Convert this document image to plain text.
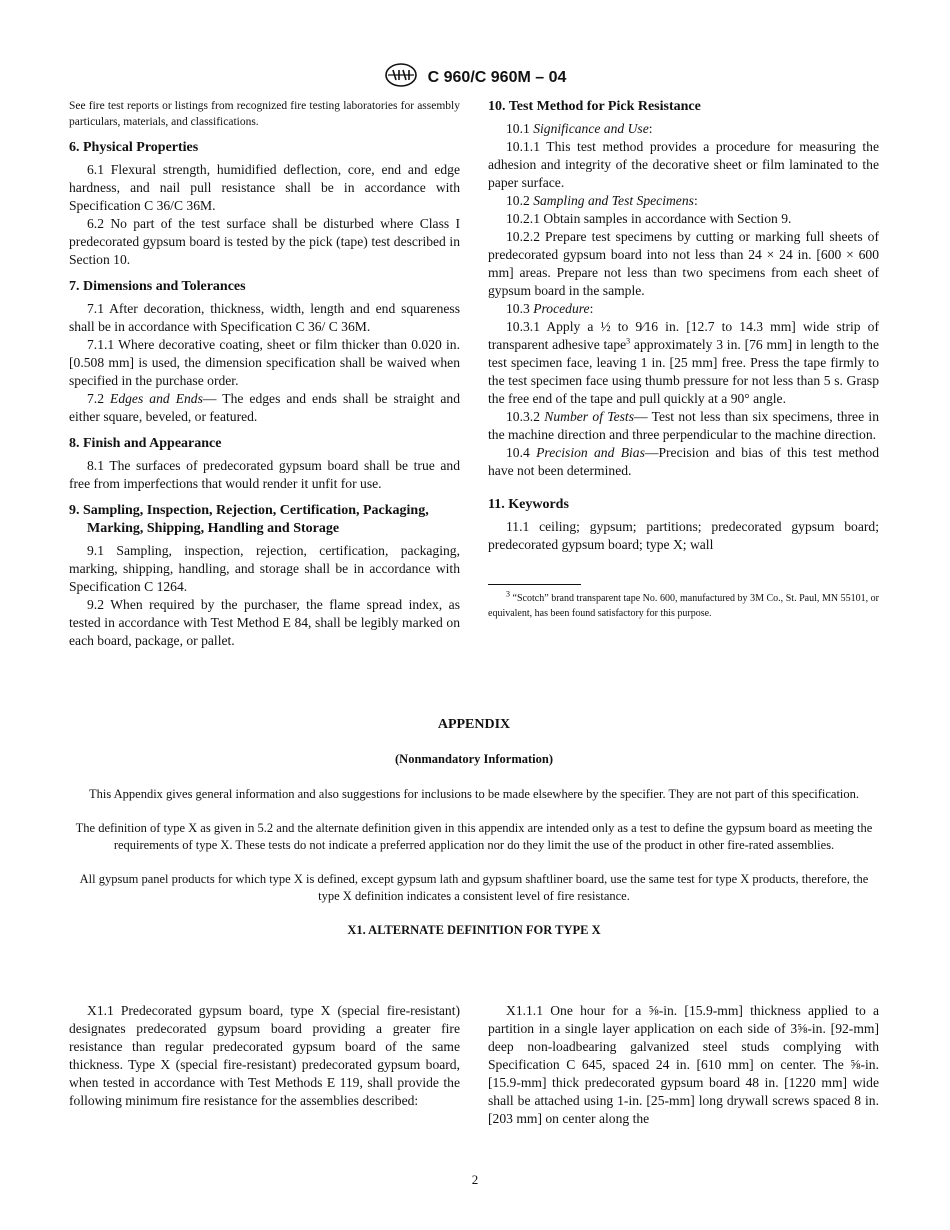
C 960/C 960M – 04

See fire test reports or listings from recognized fire testing laboratories for assembly particulars, materials, and classifications.

6. Physical Properties

6.1 Flexural strength, humidified deflection, core, end and edge hardness, and nail pull resistance shall be in accordance with Specification C 36/C 36M.

6.2 No part of the test surface shall be disturbed where Class I predecorated gypsum board is tested by the pick (tape) test described in Section 10.

7. Dimensions and Tolerances

7.1 After decoration, thickness, width, length and end squareness shall be in accordance with Specification C 36/ C 36M.

7.1.1 Where decorative coating, sheet or film thicker than 0.020 in. [0.508 mm] is used, the dimension specification shall be waived when specified in the purchase order.

7.2 Edges and Ends— The edges and ends shall be straight and either square, beveled, or featured.

8. Finish and Appearance

8.1 The surfaces of predecorated gypsum board shall be true and free from imperfections that would render it unfit for use.

9. Sampling, Inspection, Rejection, Certification, Packaging, Marking, Shipping, Handling and Storage

9.1 Sampling, inspection, rejection, certification, packaging, marking, shipping, handling, and storage shall be in accordance with Specification C 1264.

9.2 When required by the purchaser, the flame spread index, as tested in accordance with Test Method E 84, shall be legibly marked on each board, package, or pallet.

10. Test Method for Pick Resistance

10.1 Significance and Use:

10.1.1 This test method provides a procedure for measuring the adhesion and integrity of the decorative sheet or film laminated to the paper surface.

10.2 Sampling and Test Specimens:

10.2.1 Obtain samples in accordance with Section 9.

10.2.2 Prepare test specimens by cutting or marking full sheets of predecorated gypsum board into not less than 24 × 24 in. [600 × 600 mm] areas. Prepare not less than two specimens from each sheet of gypsum board in the sample.

10.3 Procedure:

10.3.1 Apply a ½ to 9⁄16 in. [12.7 to 14.3 mm] wide strip of transparent adhesive tape$^3$ approximately 3 in. [76 mm] in length to the test specimen face, leaving 1 in. [25 mm] free. Press the tape firmly to the test specimen face using thumb pressure for not less than 5 s. Grasp the free end of the tape and pull quickly at a 90° angle.

10.3.2 Number of Tests— Test not less than six specimens, three in the machine direction and three perpendicular to the machine direction.

10.4 Precision and Bias—Precision and bias of this test method have not been determined.

11. Keywords

11.1 ceiling; gypsum; partitions; predecorated gypsum board; predecorated gypsum board; type X; wall

$^3$ “Scotch” brand transparent tape No. 600, manufactured by 3M Co., St. Paul, MN 55101, or equivalent, has been found satisfactory for this purpose.

APPENDIX
(Nonmandatory Information)
This Appendix gives general information and also suggestions for inclusions to be made elsewhere by the specifier. They are not part of this specification.
The definition of type X as given in 5.2 and the alternate definition given in this appendix are intended only as a test to define the gypsum board as meeting the requirements of type X. These tests do not indicate a preferred application nor do they limit the use of the product in other fire-rated assemblies.
All gypsum panel products for which type X is defined, except gypsum lath and gypsum shaftliner board, use the same test for type X products, therefore, the type X definition indicates a consistent level of fire resistance.
X1. ALTERNATE DEFINITION FOR TYPE X

X1.1 Predecorated gypsum board, type X (special fire-resistant) designates predecorated gypsum board providing a greater fire resistance than regular predecorated gypsum board of the same thickness. Type X (special fire-resistant) predecorated gypsum board, when tested in accordance with Test Methods E 119, shall provide the following minimum fire resistance for the assemblies described:

X1.1.1 One hour for a ⅝-in. [15.9-mm] thickness applied to a partition in a single layer application on each side of 3⅝-in. [92-mm] deep non-loadbearing galvanized steel studs complying with Specification C 645, spaced 24 in. [610 mm] on center. The ⅝-in. [15.9-mm] thick predecorated gypsum board 48 in. [1220 mm] wide shall be attached using 1-in. [25-mm] long drywall screws spaced 8 in. [203 mm] on center along the

2
